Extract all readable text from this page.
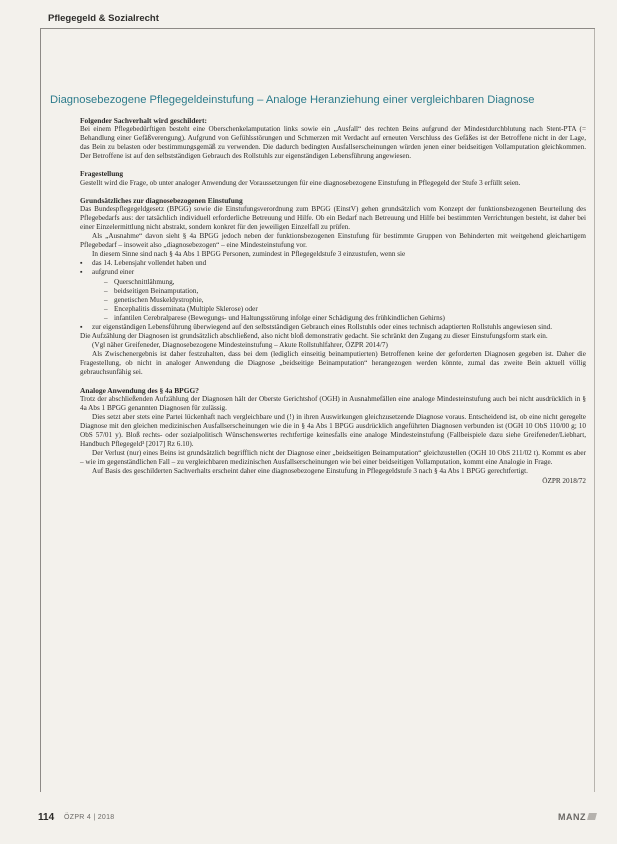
Pflegegeld & Sozialrecht
Diagnosebezogene Pflegegeldeinstufung – Analoge Heranziehung einer vergleichbaren Diagnose
Folgender Sachverhalt wird geschildert:

Bei einem Pflegebedürftigen besteht eine Oberschenkelamputation links sowie ein „Ausfall“ des rechten Beins aufgrund der Mindestdurchblutung nach Stent-PTA (= Behandlung einer Gefäßverengung). Aufgrund von Gefühlsstörungen und Schmerzen mit Verdacht auf erneuten Verschluss des Gefäßes ist der Betroffene nicht in der Lage, das Bein zu belasten oder bestimmungsgemäß zu verwenden. Die dadurch bedingten Ausfallserscheinungen würden jenen einer beidseitigen Vollamputation gleichkommen. Der Betroffene ist auf den selbstständigen Gebrauch des Rollstuhls zur eigenständigen Lebensführung angewiesen.

Fragestellung

Gestellt wird die Frage, ob unter analoger Anwendung der Voraussetzungen für eine diagnosebezogene Einstufung in Pflegegeld der Stufe 3 erfüllt seien.

Grundsätzliches zur diagnosebezogenen Einstufung

Das Bundespflegegeldgesetz (BPGG) sowie die Einstufungsverordnung zum BPGG (EinstV) gehen grundsätzlich vom Konzept der funktionsbezogenen Beurteilung des Pflegebedarfs aus: der tatsächlich individuell erforderliche Betreuung und Hilfe. Ob ein Bedarf nach Betreuung und Hilfe bei bestimmten Verrichtungen besteht, ist daher bei einer Einzelermittlung nicht abstrakt, sondern konkret für den jeweiligen Einzelfall zu prüfen.

Als „Ausnahme“ davon sieht § 4a BPGG jedoch neben der funktionsbezogenen Einstufung für bestimmte Gruppen von Behinderten mit weitgehend gleichartigem Pflegebedarf – insoweit also „diagnosebezogen“ – eine Mindesteinstufung vor.

In diesem Sinne sind nach § 4a Abs 1 BPGG Personen, zumindest in Pflegegeldstufe 3 einzustufen, wenn sie

▪ das 14. Lebensjahr vollendet haben und
▪ aufgrund einer
– Querschnittlähmung,
– beidseitigen Beinamputation,
– genetischen Muskeldystrophie,
– Encephalitis disseminata (Multiple Sklerose) oder
– infantilen Cerebralparese (Bewegungs- und Haltungsstörung infolge einer Schädigung des frühkindlichen Gehirns)
▪ zur eigenständigen Lebensführung überwiegend auf den selbstständigen Gebrauch eines Rollstuhls oder eines technisch adaptierten Rollstuhls angewiesen sind.

Die Aufzählung der Diagnosen ist grundsätzlich abschließend, also nicht bloß demonstrativ gedacht. Sie schränkt den Zugang zu dieser Einstufungsform stark ein.

(Vgl näher Greifeneder, Diagnosebezogene Mindesteinstufung – Akute Rollstuhlfahrer, ÖZPR 2014/7)

Als Zwischenergebnis ist daher festzuhalten, dass bei dem (lediglich einseitig beinamputierten) Betroffenen keine der geforderten Diagnosen gegeben ist. Daher die Fragestellung, ob nicht in analoger Anwendung die Diagnose „beidseitige Beinamputation“ herangezogen werden könnte, zumal das zweite Bein aktuell völlig gebrauchsunfähig sei.

Analoge Anwendung des § 4a BPGG?

Trotz der abschließenden Aufzählung der Diagnosen hält der Oberste Gerichtshof (OGH) in Ausnahmefällen eine analoge Mindesteinstufung auch bei nicht ausdrücklich in § 4a Abs 1 BPGG genannten Diagnosen für zulässig.

Dies setzt aber stets eine Partei lückenhaft nach vergleichbare und (!) in ihren Auswirkungen gleichzusetzende Diagnose voraus. Entscheidend ist, ob eine nicht geregelte Diagnose mit den gleichen medizinischen Ausfallserscheinungen wie die in § 4a Abs 1 BPGG ausdrücklich angeführten Diagnosen verbunden ist (OGH 10 ObS 110/00 g; 10 ObS 57/01 y). Bloß rechts- oder sozialpolitisch Wünschenswertes rechtfertige keinesfalls eine analoge Mindesteinstufung (Fallbeispiele dazu siehe Greifeneder/Liebhart, Handbuch Pflegegeld³ [2017] Rz 6.10).

Der Verlust (nur) eines Beins ist grundsätzlich begrifflich nicht der Diagnose einer „beidseitigen Beinamputation“ gleichzustellen (OGH 10 ObS 211/02 t). Kommt es aber – wie im gegenständlichen Fall – zu vergleichbaren medizinischen Ausfallserscheinungen wie bei einer beidseitigen Vollamputation, kommt eine Analogie in Frage.

Auf Basis des geschilderten Sachverhalts erscheint daher eine diagnosebezogene Einstufung in Pflegegeldstufe 3 nach § 4a Abs 1 BPGG gerechtfertigt.

ÖZPR 2018/72
114 ÖZPR 4 | 2018	MANZ
